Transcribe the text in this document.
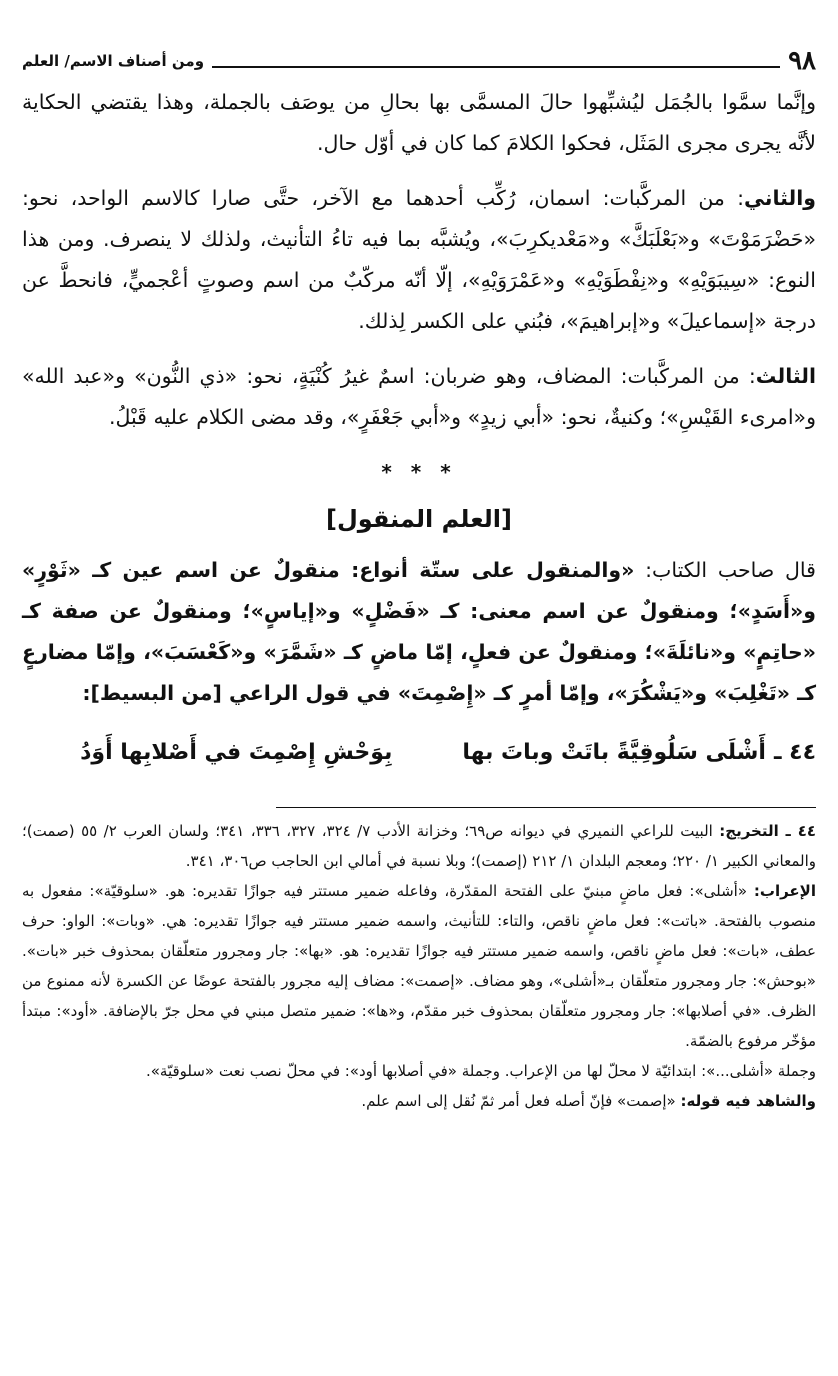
٩٨
ومن أصناف الاسم/ العلم

وإنَّما سمَّوا بالجُمَل ليُشبِّهوا حالَ المسمَّى بها بحالِ من يوصَف بالجملة، وهذا يقتضي الحكاية لأنَّه يجرى مجرى المَثَل، فحكوا الكلامَ كما كان في أوّل حال.

والثاني: من المركَّبات: اسمان، رُكِّب أحدهما مع الآخر، حتَّى صارا كالاسم الواحد، نحو: «حَضْرَمَوْتَ» و«بَعْلَبَكَّ» و«مَعْديكرِبَ»، ويُشبَّه بما فيه تاءُ التأنيث، ولذلك لا ينصرف. ومن هذا النوع: «سِيبَوَيْهِ» و«نِفْطَوَيْهِ» و«عَمْرَوَيْهِ»، إلّا أنّه مركّبٌ من اسم وصوتٍ أعْجميٍّ، فانحطَّ عن درجة «إسماعيلَ» و«إبراهيمَ»، فبُني على الكسر لِذلك.

الثالث: من المركَّبات: المضاف، وهو ضربان: اسمٌ غيرُ كُنْيَةٍ، نحو: «ذي النُّون» و«عبد الله» و«امرىء القَيْسِ»؛ وكنيةٌ، نحو: «أبي زيدٍ» و«أبي جَعْفَرٍ»، وقد مضى الكلام عليه قَبْلُ.

* * *
[العلم المنقول]

قال صاحب الكتاب: «والمنقول على ستّة أنواع: منقولٌ عن اسم عين كـ «ثَوْرٍ» و«أَسَدٍ»؛ ومنقولٌ عن اسم معنى: كـ «فَضْلٍ» و«إياسٍ»؛ ومنقولٌ عن صفة كـ «حاتِمٍ» و«نائلَةَ»؛ ومنقولٌ عن فعلٍ، إمّا ماضٍ كـ «شَمَّرَ» و«كَعْسَبَ»، وإمّا مضارعٍ كـ «تَغْلِبَ» و«يَشْكُرَ»، وإمّا أمرٍ كـ «إِصْمِتَ» في قول الراعي [من البسيط]:

٤٤ ـ
أَشْلَى سَلُوقِيَّةً باتَتْ وباتَ بها
بِوَحْشِ إِصْمِتَ في أَصْلابِها أَوَدُ

٤٤ ـ التخريج: البيت للراعي النميري في ديوانه ص٦٩؛ وخزانة الأدب ٧/ ٣٢٤، ٣٢٧، ٣٣٦، ٣٤١؛ ولسان العرب ٢/ ٥٥ (صمت)؛ والمعاني الكبير ١/ ٢٢٠؛ ومعجم البلدان ١/ ٢١٢ (إصمت)؛ وبلا نسبة في أمالي ابن الحاجب ص٣٠٦، ٣٤١.

الإعراب: «أشلى»: فعل ماضٍ مبنيّ على الفتحة المقدّرة، وفاعله ضمير مستتر فيه جوازًا تقديره: هو. «سلوقيّة»: مفعول به منصوب بالفتحة. «باتت»: فعل ماضٍ ناقص، والتاء: للتأنيث، واسمه ضمير مستتر فيه جوازًا تقديره: هي. «وبات»: الواو: حرف عطف، «بات»: فعل ماضٍ ناقص، واسمه ضمير مستتر فيه جوازًا تقديره: هو. «بها»: جار ومجرور متعلّقان بمحذوف خبر «بات». «بوحش»: جار ومجرور متعلّقان بـ«أشلى»، وهو مضاف. «إصمت»: مضاف إليه مجرور بالفتحة عوضًا عن الكسرة لأنه ممنوع من الظرف. «في أصلابها»: جار ومجرور متعلّقان بمحذوف خبر مقدّم، و«ها»: ضمير متصل مبني في محل جرّ بالإضافة. «أود»: مبتدأ مؤخّر مرفوع بالضمّة.

وجملة «أشلى...»: ابتدائيّة لا محلّ لها من الإعراب. وجملة «في أصلابها أود»: في محلّ نصب نعت «سلوقيّة».

والشاهد فيه قوله: «إصمت» فإنّ أصله فعل أمر ثمّ نُقل إلى اسم علم.
